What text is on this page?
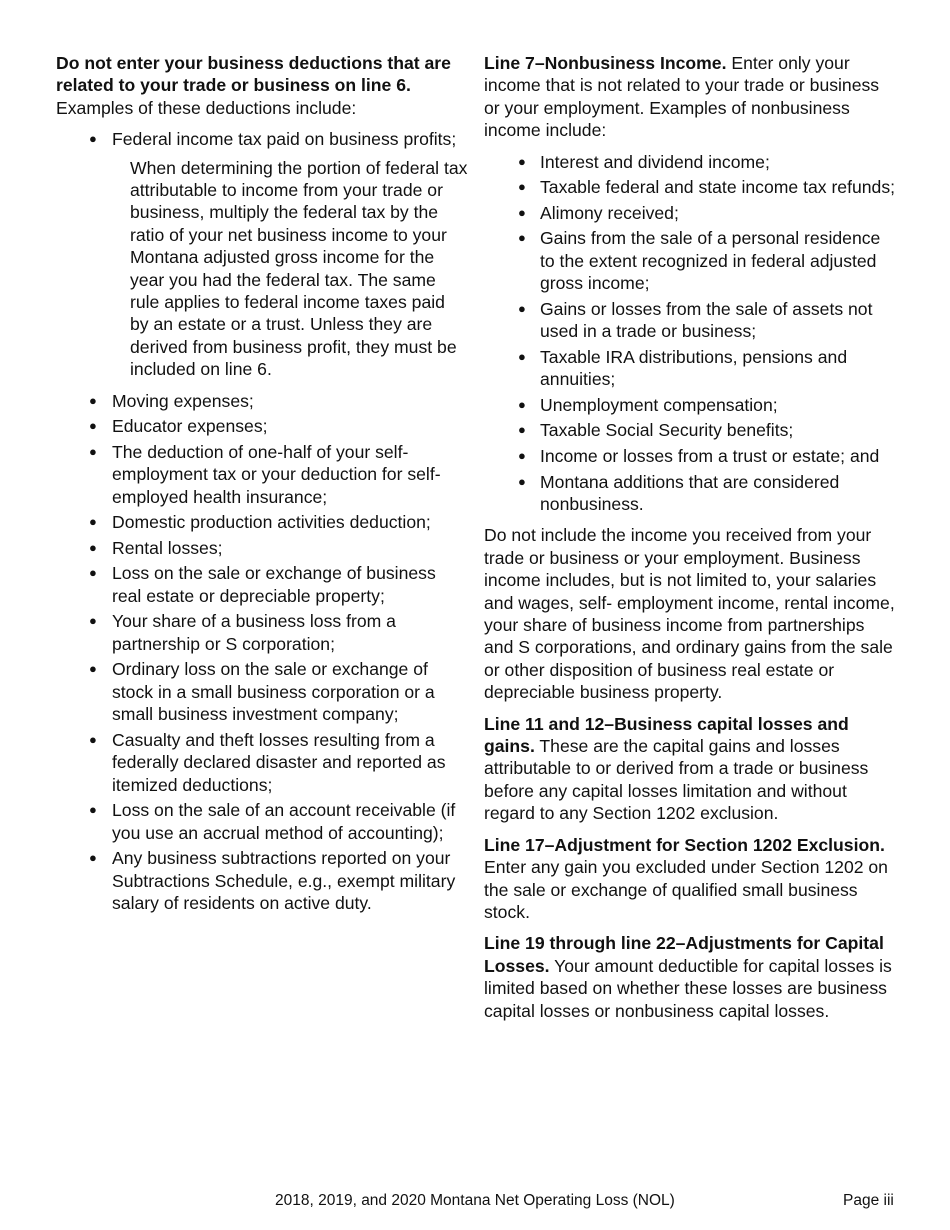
Do not enter your business deductions that are related to your trade or business on line 6.
Examples of these deductions include:

● Federal income tax paid on business profits;

When determining the portion of federal tax attributable to income from your trade or business, multiply the federal tax by the ratio of your net business income to your Montana adjusted gross income for the year you had the federal tax. The same rule applies to federal income taxes paid by an estate or a trust. Unless they are derived from business profit, they must be included on line 6.

● Moving expenses;
● Educator expenses;
● The deduction of one-half of your self-employment tax or your deduction for self-employed health insurance;
● Domestic production activities deduction;
● Rental losses;
● Loss on the sale or exchange of business real estate or depreciable property;
● Your share of a business loss from a partnership or S corporation;
● Ordinary loss on the sale or exchange of stock in a small business corporation or a small business investment company;
● Casualty and theft losses resulting from a federally declared disaster and reported as itemized deductions;
● Loss on the sale of an account receivable (if you use an accrual method of accounting);
● Any business subtractions reported on your Subtractions Schedule, e.g., exempt military salary of residents on active duty.

Line 7–Nonbusiness Income. Enter only your income that is not related to your trade or business or your employment. Examples of nonbusiness income include:

● Interest and dividend income;
● Taxable federal and state income tax refunds;
● Alimony received;
● Gains from the sale of a personal residence to the extent recognized in federal adjusted gross income;
● Gains or losses from the sale of assets not used in a trade or business;
● Taxable IRA distributions, pensions and annuities;
● Unemployment compensation;
● Taxable Social Security benefits;
● Income or losses from a trust or estate; and
● Montana additions that are considered nonbusiness.

Do not include the income you received from your trade or business or your employment. Business income includes, but is not limited to, your salaries and wages, self- employment income, rental income, your share of business income from partnerships and S corporations, and ordinary gains from the sale or other disposition of business real estate or depreciable business property.

Line 11 and 12–Business capital losses and gains. These are the capital gains and losses attributable to or derived from a trade or business before any capital losses limitation and without regard to any Section 1202 exclusion.

Line 17–Adjustment for Section 1202 Exclusion. Enter any gain you excluded under Section 1202 on the sale or exchange of qualified small business stock.

Line 19 through line 22–Adjustments for Capital Losses. Your amount deductible for capital losses is limited based on whether these losses are business capital losses or nonbusiness capital losses.

2018, 2019, and 2020 Montana Net Operating Loss (NOL)	Page iii
